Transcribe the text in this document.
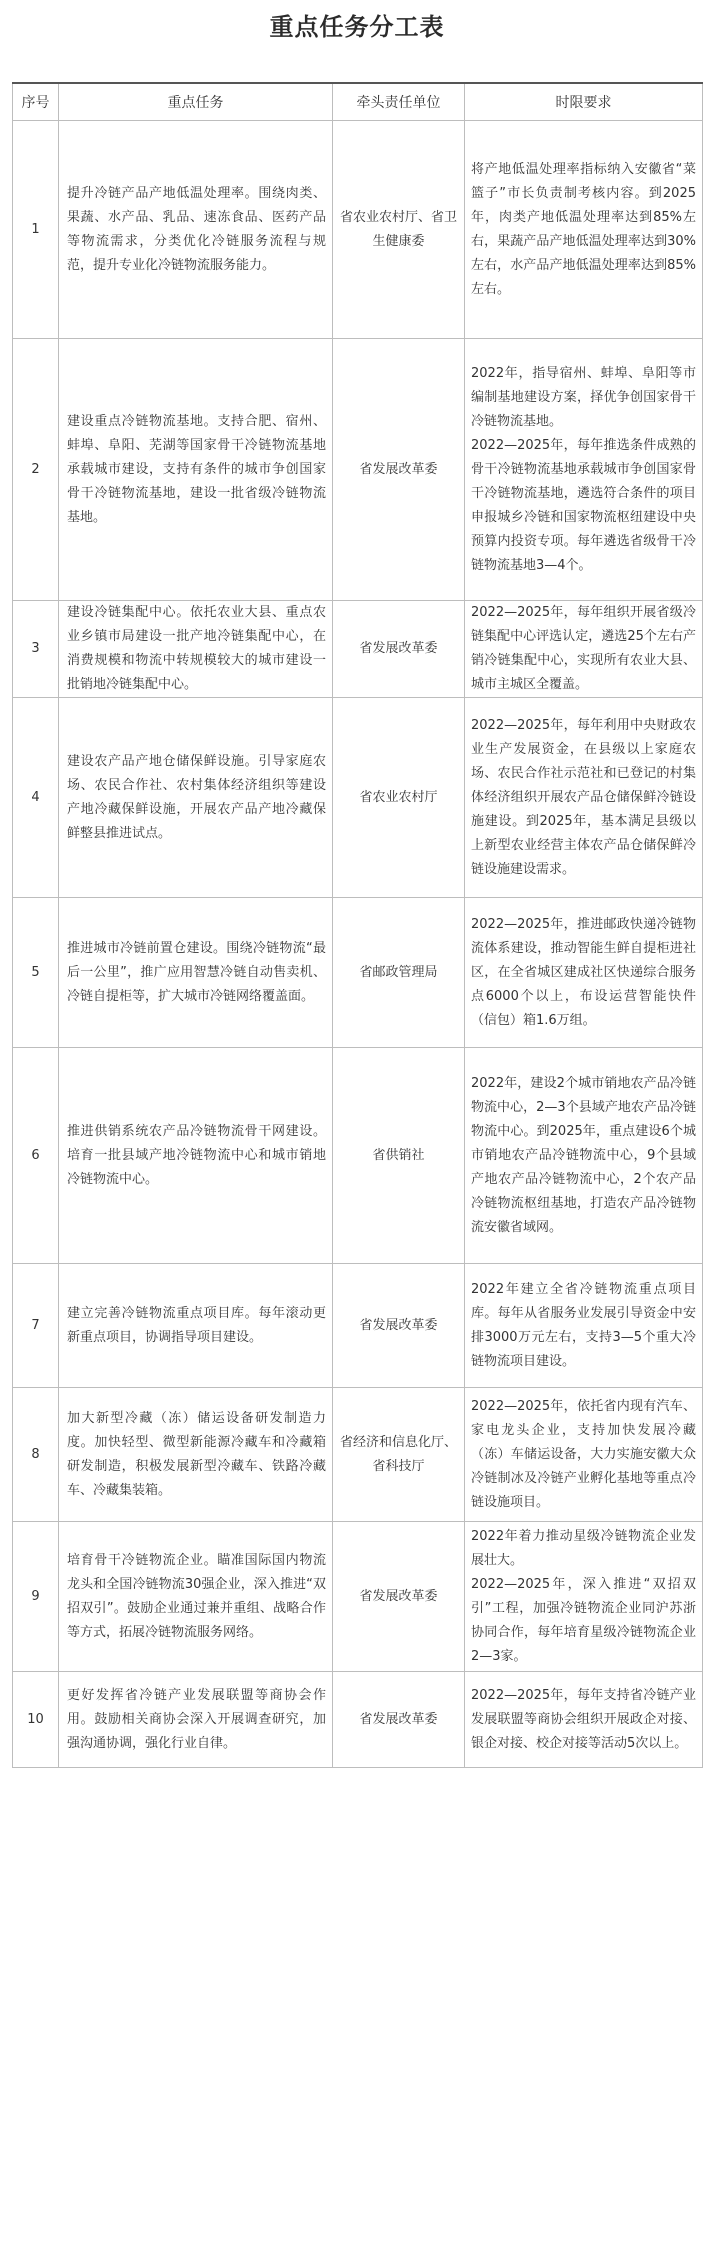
重点任务分工表
序号	重点任务	牵头责任单位	时限要求
1	提升冷链产品产地低温处理率。围绕肉类、果蔬、水产品、乳品、速冻食品、医药产品等物流需求，分类优化冷链服务流程与规范，提升专业化冷链物流服务能力。	省农业农村厅、省卫生健康委	将产地低温处理率指标纳入安徽省“菜篮子”市长负责制考核内容。到2025年，肉类产地低温处理率达到85%左右，果蔬产品产地低温处理率达到30%左右，水产品产地低温处理率达到85%左右。

2	建设重点冷链物流基地。支持合肥、宿州、蚌埠、阜阳、芜湖等国家骨干冷链物流基地承载城市建设，支持有条件的城市争创国家骨干冷链物流基地，建设一批省级冷链物流基地。	省发展改革委	2022年，指导宿州、蚌埠、阜阳等市编制基地建设方案，择优争创国家骨干冷链物流基地。

2022—2025年，每年推选条件成熟的骨干冷链物流基地承载城市争创国家骨干冷链物流基地，遴选符合条件的项目申报城乡冷链和国家物流枢纽建设中央预算内投资专项。每年遴选省级骨干冷链物流基地3—4个。

3	建设冷链集配中心。依托农业大县、重点农业乡镇市局建设一批产地冷链集配中心，在消费规模和物流中转规模较大的城市建设一批销地冷链集配中心。	省发展改革委	2022—2025年，每年组织开展省级冷链集配中心评选认定，遴选25个左右产销冷链集配中心，实现所有农业大县、城市主城区全覆盖。

4	建设农产品产地仓储保鲜设施。引导家庭农场、农民合作社、农村集体经济组织等建设产地冷藏保鲜设施，开展农产品产地冷藏保鲜整县推进试点。	省农业农村厅	2022—2025年，每年利用中央财政农业生产发展资金，在县级以上家庭农场、农民合作社示范社和已登记的村集体经济组织开展农产品仓储保鲜冷链设施建设。到2025年，基本满足县级以上新型农业经营主体农产品仓储保鲜冷链设施建设需求。

5	推进城市冷链前置仓建设。围绕冷链物流“最后一公里”，推广应用智慧冷链自动售卖机、冷链自提柜等，扩大城市冷链网络覆盖面。	省邮政管理局	2022—2025年，推进邮政快递冷链物流体系建设，推动智能生鲜自提柜进社区，在全省城区建成社区快递综合服务点6000个以上，布设运营智能快件（信包）箱1.6万组。

6	推进供销系统农产品冷链物流骨干网建设。培育一批县域产地冷链物流中心和城市销地冷链物流中心。	省供销社	2022年，建设2个城市销地农产品冷链物流中心，2—3个县域产地农产品冷链物流中心。到2025年，重点建设6个城市销地农产品冷链物流中心，9个县域产地农产品冷链物流中心，2个农产品冷链物流枢纽基地，打造农产品冷链物流安徽省域网。

7	建立完善冷链物流重点项目库。每年滚动更新重点项目，协调指导项目建设。	省发展改革委	2022年建立全省冷链物流重点项目库。每年从省服务业发展引导资金中安排3000万元左右，支持3—5个重大冷链物流项目建设。

8	加大新型冷藏（冻）储运设备研发制造力度。加快轻型、微型新能源冷藏车和冷藏箱研发制造，积极发展新型冷藏车、铁路冷藏车、冷藏集装箱。	省经济和信息化厅、省科技厅	2022—2025年，依托省内现有汽车、家电龙头企业，支持加快发展冷藏（冻）车储运设备，大力实施安徽大众冷链制冰及冷链产业孵化基地等重点冷链设施项目。

9	培育骨干冷链物流企业。瞄准国际国内物流龙头和全国冷链物流30强企业，深入推进“双招双引”。鼓励企业通过兼并重组、战略合作等方式，拓展冷链物流服务网络。	省发展改革委	2022年着力推动星级冷链物流企业发展壮大。

2022—2025年，深入推进“双招双引”工程，加强冷链物流企业同沪苏浙协同合作，每年培育星级冷链物流企业2—3家。

10	更好发挥省冷链产业发展联盟等商协会作用。鼓励相关商协会深入开展调查研究，加强沟通协调，强化行业自律。	省发展改革委	2022—2025年，每年支持省冷链产业发展联盟等商协会组织开展政企对接、银企对接、校企对接等活动5次以上。
